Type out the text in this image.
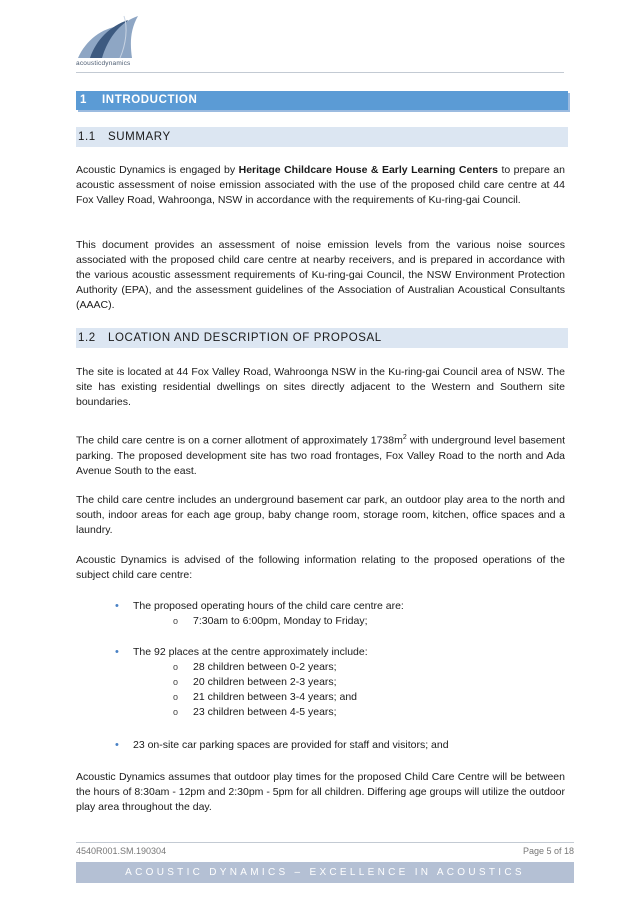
acousticdynamics
1 INTRODUCTION
1.1 SUMMARY

Acoustic Dynamics is engaged by Heritage Childcare House & Early Learning Centers to prepare an acoustic assessment of noise emission associated with the use of the proposed child care centre at 44 Fox Valley Road, Wahroonga, NSW in accordance with the requirements of Ku-ring-gai Council.

This document provides an assessment of noise emission levels from the various noise sources associated with the proposed child care centre at nearby receivers, and is prepared in accordance with the various acoustic assessment requirements of Ku-ring-gai Council, the NSW Environment Protection Authority (EPA), and the assessment guidelines of the Association of Australian Acoustical Consultants (AAAC).

1.2 LOCATION AND DESCRIPTION OF PROPOSAL

The site is located at 44 Fox Valley Road, Wahroonga NSW in the Ku-ring-gai Council area of NSW. The site has existing residential dwellings on sites directly adjacent to the Western and Southern site boundaries.

The child care centre is on a corner allotment of approximately $1738m^2$ with underground level basement parking. The proposed development site has two road frontages, Fox Valley Road to the north and Ada Avenue South to the east.

The child care centre includes an underground basement car park, an outdoor play area to the north and south, indoor areas for each age group, baby change room, storage room, kitchen, office spaces and a laundry.

Acoustic Dynamics is advised of the following information relating to the proposed operations of the subject child care centre:

• The proposed operating hours of the child care centre are:
o 7:30am to 6:00pm, Monday to Friday;
• The 92 places at the centre approximately include:
o 28 children between 0-2 years;
o 20 children between 2-3 years;
o 21 children between 3-4 years; and
o 23 children between 4-5 years;
• 23 on-site car parking spaces are provided for staff and visitors; and

Acoustic Dynamics assumes that outdoor play times for the proposed Child Care Centre will be between the hours of 8:30am - 12pm and 2:30pm - 5pm for all children. Differing age groups will utilize the outdoor play area throughout the day.

4540R001.SM.190304	Page 5 of 18
ACOUSTIC DYNAMICS – EXCELLENCE IN ACOUSTICS
